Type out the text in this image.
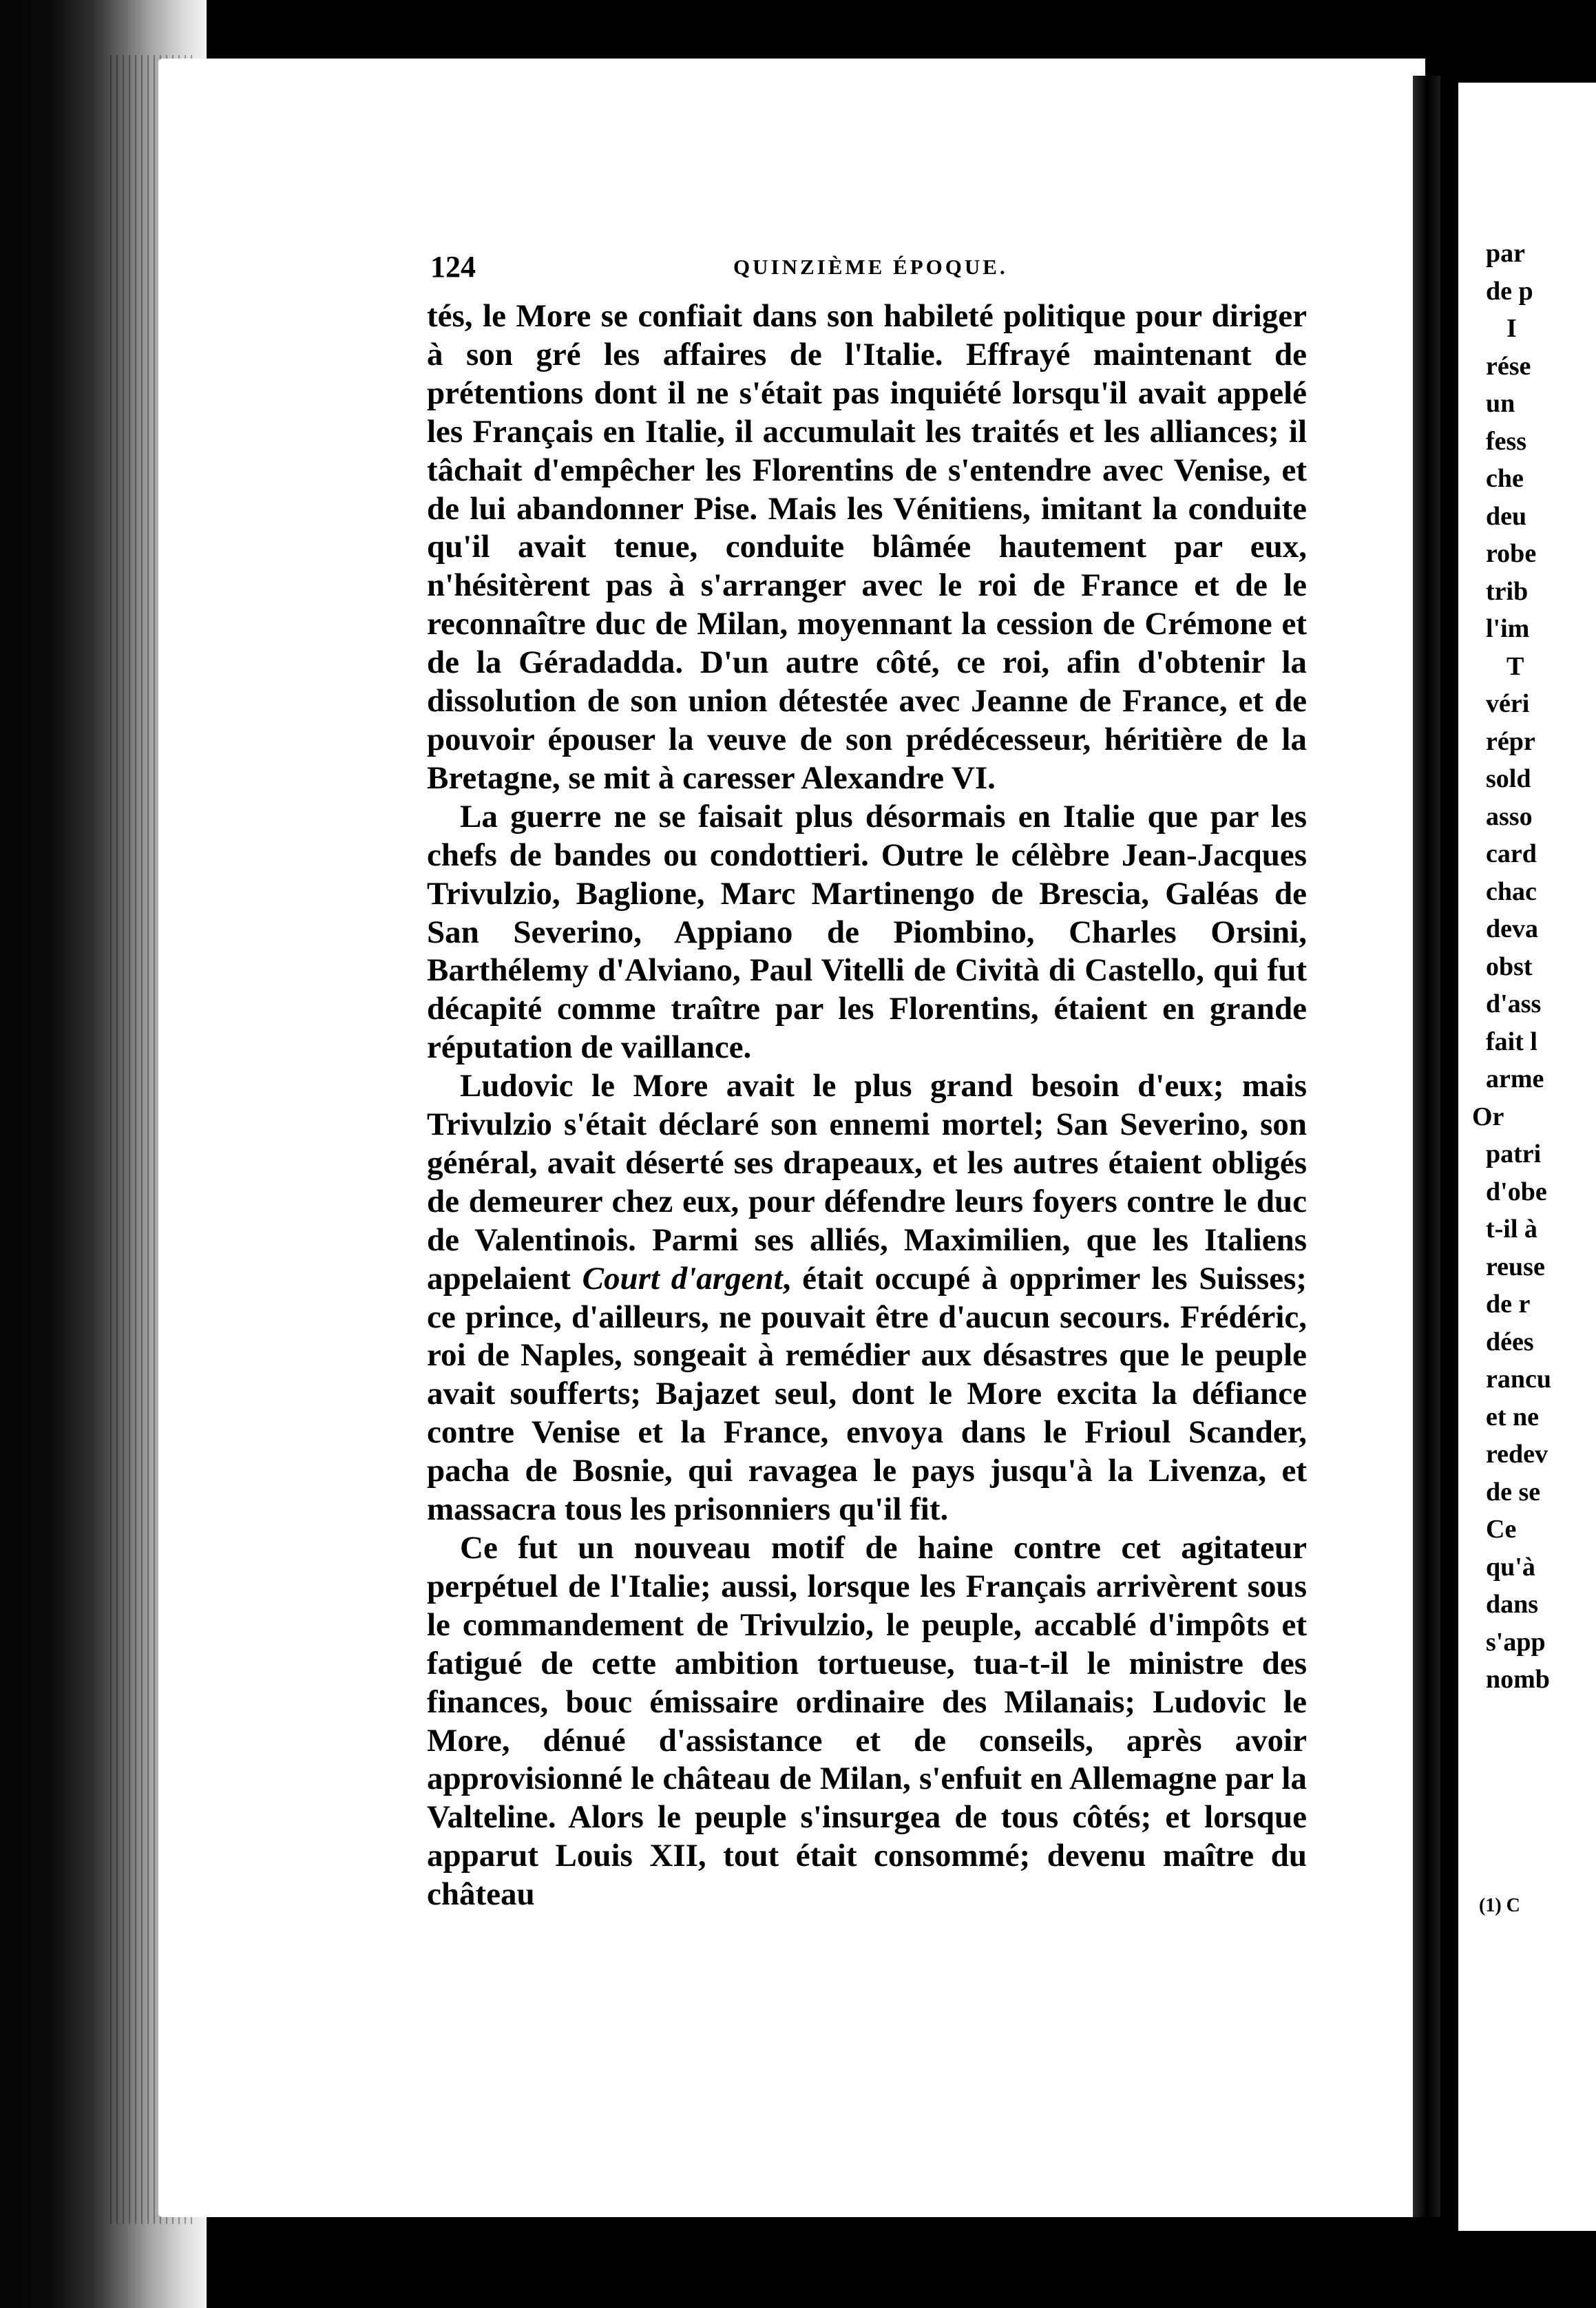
124	QUINZIÈME ÉPOQUE.

tés, le More se confiait dans son habileté politique pour diriger à son gré les affaires de l'Italie. Effrayé maintenant de prétentions dont il ne s'était pas inquiété lorsqu'il avait appelé les Français en Italie, il accumulait les traités et les alliances; il tâchait d'empêcher les Florentins de s'entendre avec Venise, et de lui abandonner Pise. Mais les Vénitiens, imitant la conduite qu'il avait tenue, conduite blâmée hautement par eux, n'hésitèrent pas à s'arranger avec le roi de France et de le reconnaître duc de Milan, moyennant la cession de Crémone et de la Géradadda. D'un autre côté, ce roi, afin d'obtenir la dissolution de son union détestée avec Jeanne de France, et de pouvoir épouser la veuve de son prédécesseur, héritière de la Bretagne, se mit à caresser Alexandre VI.

La guerre ne se faisait plus désormais en Italie que par les chefs de bandes ou condottieri. Outre le célèbre Jean-Jacques Trivulzio, Baglione, Marc Martinengo de Brescia, Galéas de San Severino, Appiano de Piombino, Charles Orsini, Barthélemy d'Alviano, Paul Vitelli de Cività di Castello, qui fut décapité comme traître par les Florentins, étaient en grande réputation de vaillance.

Ludovic le More avait le plus grand besoin d'eux; mais Trivulzio s'était déclaré son ennemi mortel; San Severino, son général, avait déserté ses drapeaux, et les autres étaient obligés de demeurer chez eux, pour défendre leurs foyers contre le duc de Valentinois. Parmi ses alliés, Maximilien, que les Italiens appelaient Court d'argent, était occupé à opprimer les Suisses; ce prince, d'ailleurs, ne pouvait être d'aucun secours. Frédéric, roi de Naples, songeait à remédier aux désastres que le peuple avait soufferts; Bajazet seul, dont le More excita la défiance contre Venise et la France, envoya dans le Frioul Scander, pacha de Bosnie, qui ravagea le pays jusqu'à la Livenza, et massacra tous les prisonniers qu'il fit.

Ce fut un nouveau motif de haine contre cet agitateur perpétuel de l'Italie; aussi, lorsque les Français arrivèrent sous le commandement de Trivulzio, le peuple, accablé d'impôts et fatigué de cette ambition tortueuse, tua-t-il le ministre des finances, bouc émissaire ordinaire des Milanais; Ludovic le More, dénué d'assistance et de conseils, après avoir approvisionné le château de Milan, s'enfuit en Allemagne par la Valteline. Alors le peuple s'insurgea de tous côtés; et lorsque apparut Louis XII, tout était consommé; devenu maître du château

par
de p
I
rése
un
fess
che
deu
robe
trib
l'im
T
véri
répr
sold
asso
card
chac
deva
obst
d'ass
fait l
arme
Or
patri
d'obe
t-il à
reuse
de r
dées
rancu
et ne
redev
de se
Ce
qu'à
dans
s'app
nomb
(1) C
